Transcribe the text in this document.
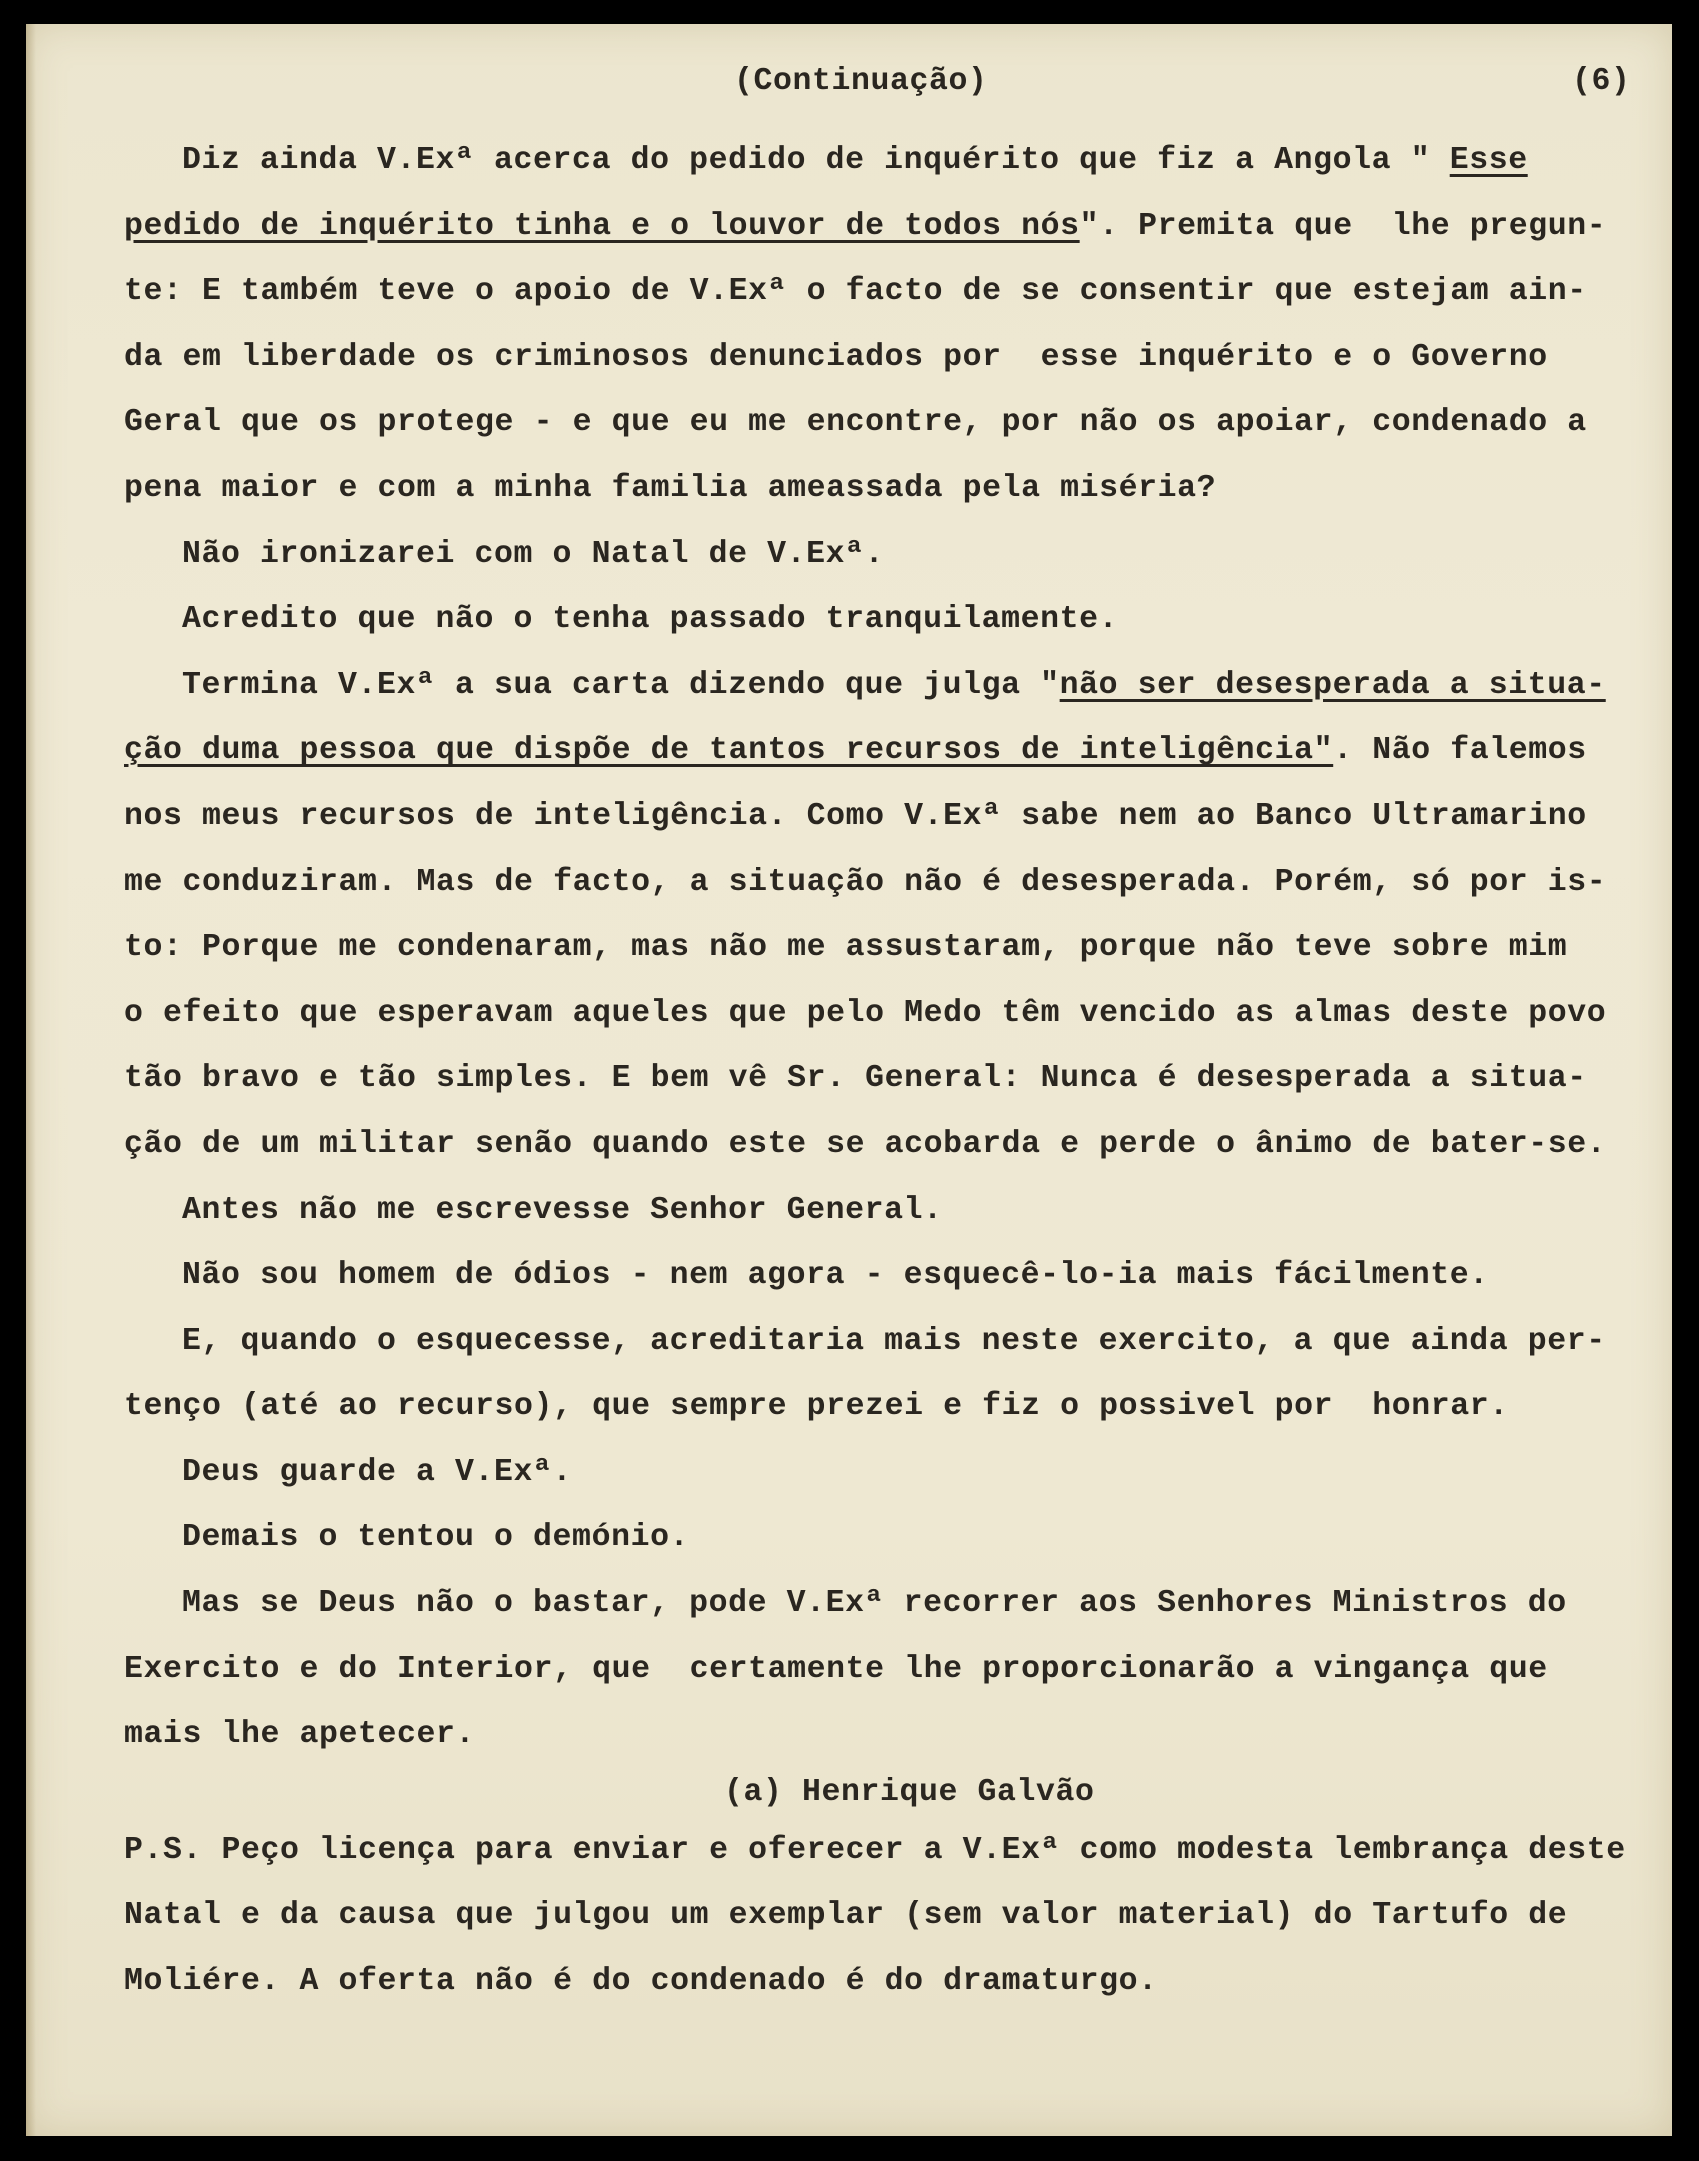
(Continuação)	(6)
Diz ainda V.Exª acerca do pedido de inquérito que fiz a Angola " Esse
pedido de inquérito tinha e o louvor de todos nós". Premita que  lhe pregun-
te: E também teve o apoio de V.Exª o facto de se consentir que estejam ain-
da em liberdade os criminosos denunciados por  esse inquérito e o Governo
Geral que os protege - e que eu me encontre, por não os apoiar, condenado a
pena maior e com a minha familia ameassada pela miséria?
Não ironizarei com o Natal de V.Exª.
Acredito que não o tenha passado tranquilamente.
Termina V.Exª a sua carta dizendo que julga "não ser desesperada a situa-
ção duma pessoa que dispõe de tantos recursos de inteligência". Não falemos
nos meus recursos de inteligência. Como V.Exª sabe nem ao Banco Ultramarino
me conduziram. Mas de facto, a situação não é desesperada. Porém, só por is-
to: Porque me condenaram, mas não me assustaram, porque não teve sobre mim
o efeito que esperavam aqueles que pelo Medo têm vencido as almas deste povo
tão bravo e tão simples. E bem vê Sr. General: Nunca é desesperada a situa-
ção de um militar senão quando este se acobarda e perde o ânimo de bater-se.
Antes não me escrevesse Senhor General.
Não sou homem de ódios - nem agora - esquecê-lo-ia mais fácilmente.
E, quando o esquecesse, acreditaria mais neste exercito, a que ainda per-
tenço (até ao recurso), que sempre prezei e fiz o possivel por  honrar.
Deus guarde a V.Exª.
Demais o tentou o demónio.
Mas se Deus não o bastar, pode V.Exª recorrer aos Senhores Ministros do
Exercito e do Interior, que  certamente lhe proporcionarão a vingança que
mais lhe apetecer.
(a) Henrique Galvão
P.S. Peço licença para enviar e oferecer a V.Exª como modesta lembrança deste
Natal e da causa que julgou um exemplar (sem valor material) do Tartufo de
Moliére. A oferta não é do condenado é do dramaturgo.
